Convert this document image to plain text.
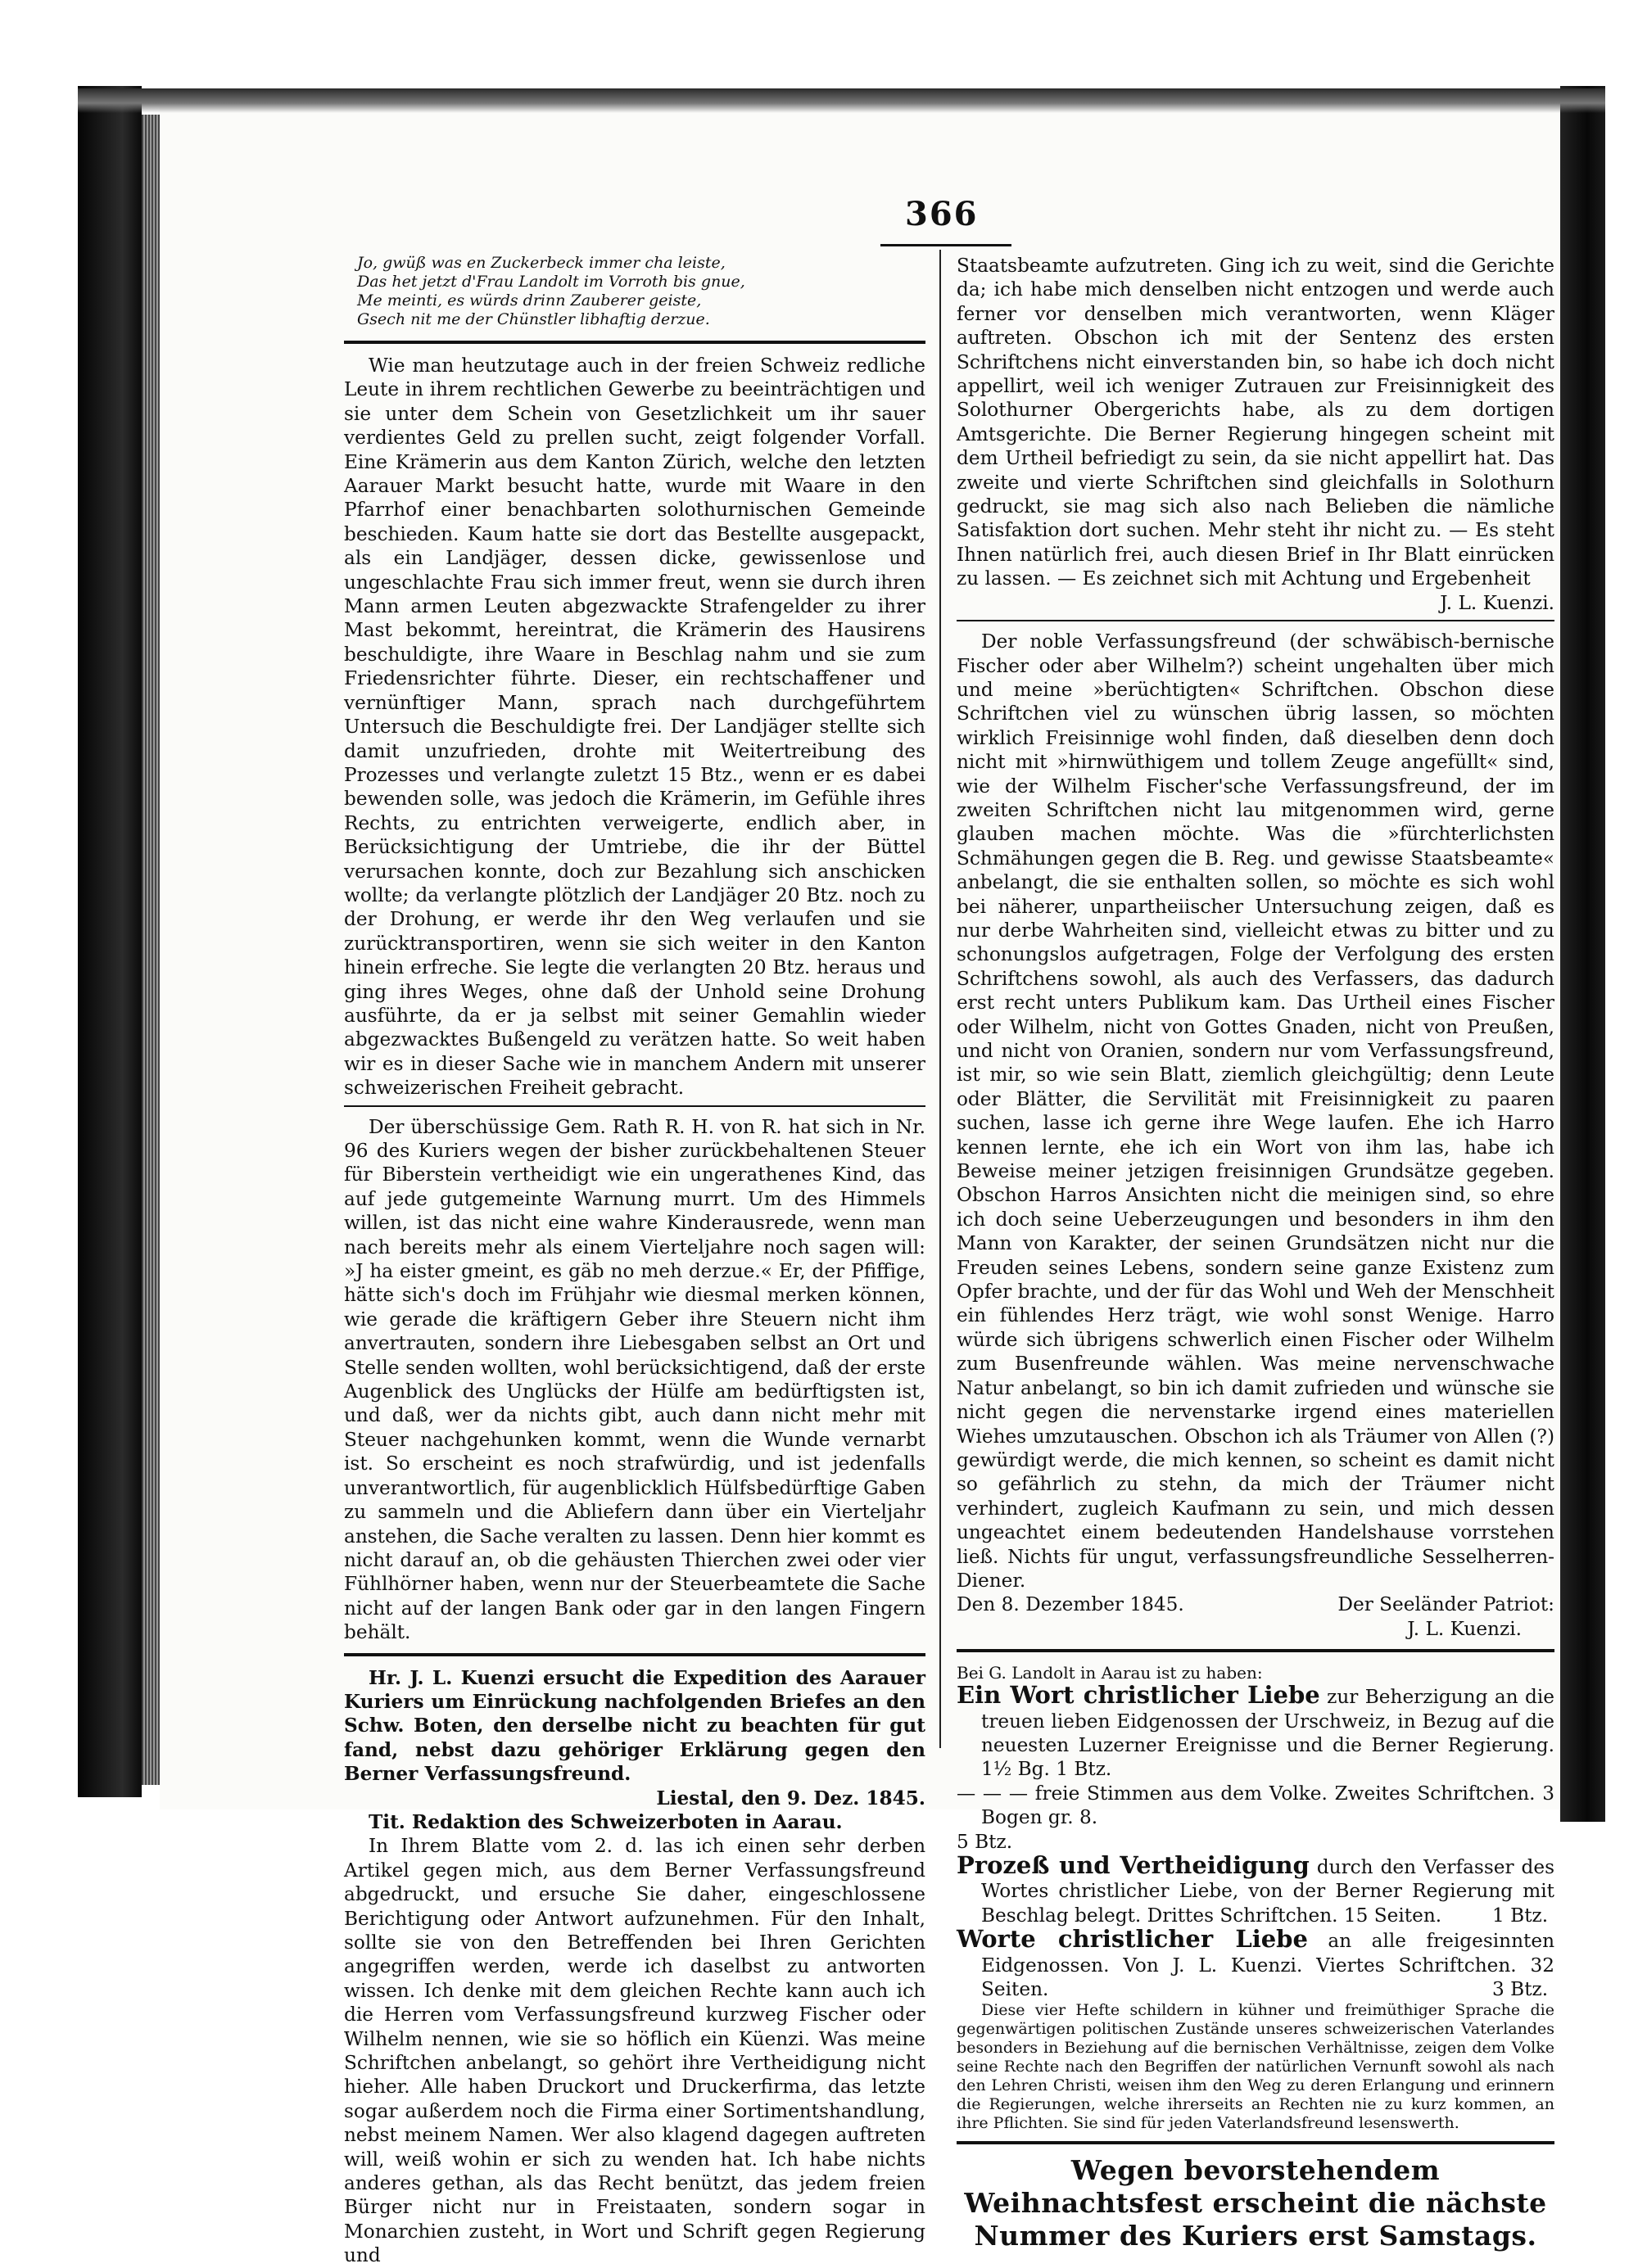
366
Jo, gwüß was en Zuckerbeck immer cha leiste,
Das het jetzt d'Frau Landolt im Vorroth bis gnue,
Me meinti, es würds drinn Zauberer geiste,
Gsech nit me der Chünstler libhaftig derzue.

Wie man heutzutage auch in der freien Schweiz redliche Leute in ihrem rechtlichen Gewerbe zu beeinträchtigen und sie unter dem Schein von Gesetzlichkeit um ihr sauer verdientes Geld zu prellen sucht, zeigt folgender Vorfall. Eine Krämerin aus dem Kanton Zürich, welche den letzten Aarauer Markt besucht hatte, wurde mit Waare in den Pfarrhof einer benachbarten solothurnischen Gemeinde beschieden. Kaum hatte sie dort das Bestellte ausgepackt, als ein Landjäger, dessen dicke, gewissenlose und ungeschlachte Frau sich immer freut, wenn sie durch ihren Mann armen Leuten abgezwackte Strafengelder zu ihrer Mast bekommt, hereintrat, die Krämerin des Hausirens beschuldigte, ihre Waare in Beschlag nahm und sie zum Friedensrichter führte. Dieser, ein rechtschaffener und vernünftiger Mann, sprach nach durchgeführtem Untersuch die Beschuldigte frei. Der Landjäger stellte sich damit unzufrieden, drohte mit Weitertreibung des Prozesses und verlangte zuletzt 15 Btz., wenn er es dabei bewenden solle, was jedoch die Krämerin, im Gefühle ihres Rechts, zu entrichten verweigerte, endlich aber, in Berücksichtigung der Umtriebe, die ihr der Büttel verursachen konnte, doch zur Bezahlung sich anschicken wollte; da verlangte plötzlich der Landjäger 20 Btz. noch zu der Drohung, er werde ihr den Weg verlaufen und sie zurücktransportiren, wenn sie sich weiter in den Kanton hinein erfreche. Sie legte die verlangten 20 Btz. heraus und ging ihres Weges, ohne daß der Unhold seine Drohung ausführte, da er ja selbst mit seiner Gemahlin wieder abgezwacktes Bußengeld zu verätzen hatte. So weit haben wir es in dieser Sache wie in manchem Andern mit unserer schweizerischen Freiheit gebracht.

Der überschüssige Gem. Rath R. H. von R. hat sich in Nr. 96 des Kuriers wegen der bisher zurückbehaltenen Steuer für Biberstein vertheidigt wie ein ungerathenes Kind, das auf jede gutgemeinte Warnung murrt. Um des Himmels willen, ist das nicht eine wahre Kinderausrede, wenn man nach bereits mehr als einem Vierteljahre noch sagen will: »J ha eister gmeint, es gäb no meh derzue.« Er, der Pfiffige, hätte sich's doch im Frühjahr wie diesmal merken können, wie gerade die kräftigern Geber ihre Steuern nicht ihm anvertrauten, sondern ihre Liebesgaben selbst an Ort und Stelle senden wollten, wohl berücksichtigend, daß der erste Augenblick des Unglücks der Hülfe am bedürftigsten ist, und daß, wer da nichts gibt, auch dann nicht mehr mit Steuer nachgehunken kommt, wenn die Wunde vernarbt ist. So erscheint es noch strafwürdig, und ist jedenfalls unverantwortlich, für augenblicklich Hülfsbedürftige Gaben zu sammeln und die Abliefern dann über ein Vierteljahr anstehen, die Sache veralten zu lassen. Denn hier kommt es nicht darauf an, ob die gehäusten Thierchen zwei oder vier Fühlhörner haben, wenn nur der Steuerbeamtete die Sache nicht auf der langen Bank oder gar in den langen Fingern behält.

Hr. J. L. Kuenzi ersucht die Expedition des Aarauer Kuriers um Einrückung nachfolgenden Briefes an den Schw. Boten, den derselbe nicht zu beachten für gut fand, nebst dazu gehöriger Erklärung gegen den Berner Verfassungsfreund.

Liestal, den 9. Dez. 1845.

Tit. Redaktion des Schweizerboten in Aarau.

In Ihrem Blatte vom 2. d. las ich einen sehr derben Artikel gegen mich, aus dem Berner Verfassungsfreund abgedruckt, und ersuche Sie daher, eingeschlossene Berichtigung oder Antwort aufzunehmen. Für den Inhalt, sollte sie von den Betreffenden bei Ihren Gerichten angegriffen werden, werde ich daselbst zu antworten wissen. Ich denke mit dem gleichen Rechte kann auch ich die Herren vom Verfassungsfreund kurzweg Fischer oder Wilhelm nennen, wie sie so höflich ein Küenzi. Was meine Schriftchen anbelangt, so gehört ihre Vertheidigung nicht hieher. Alle haben Druckort und Druckerfirma, das letzte sogar außerdem noch die Firma einer Sortimentshandlung, nebst meinem Namen. Wer also klagend dagegen auftreten will, weiß wohin er sich zu wenden hat. Ich habe nichts anderes gethan, als das Recht benützt, das jedem freien Bürger nicht nur in Freistaaten, sondern sogar in Monarchien zusteht, in Wort und Schrift gegen Regierung und

Staatsbeamte aufzutreten. Ging ich zu weit, sind die Gerichte da; ich habe mich denselben nicht entzogen und werde auch ferner vor denselben mich verantworten, wenn Kläger auftreten. Obschon ich mit der Sentenz des ersten Schriftchens nicht einverstanden bin, so habe ich doch nicht appellirt, weil ich weniger Zutrauen zur Freisinnigkeit des Solothurner Obergerichts habe, als zu dem dortigen Amtsgerichte. Die Berner Regierung hingegen scheint mit dem Urtheil befriedigt zu sein, da sie nicht appellirt hat. Das zweite und vierte Schriftchen sind gleichfalls in Solothurn gedruckt, sie mag sich also nach Belieben die nämliche Satisfaktion dort suchen. Mehr steht ihr nicht zu. — Es steht Ihnen natürlich frei, auch diesen Brief in Ihr Blatt einrücken zu lassen. — Es zeichnet sich mit Achtung und Ergebenheit

J. L. Kuenzi.

Der noble Verfassungsfreund (der schwäbisch-bernische Fischer oder aber Wilhelm?) scheint ungehalten über mich und meine »berüchtigten« Schriftchen. Obschon diese Schriftchen viel zu wünschen übrig lassen, so möchten wirklich Freisinnige wohl finden, daß dieselben denn doch nicht mit »hirnwüthigem und tollem Zeuge angefüllt« sind, wie der Wilhelm Fischer'sche Verfassungsfreund, der im zweiten Schriftchen nicht lau mitgenommen wird, gerne glauben machen möchte. Was die »fürchterlichsten Schmähungen gegen die B. Reg. und gewisse Staatsbeamte« anbelangt, die sie enthalten sollen, so möchte es sich wohl bei näherer, unpartheiischer Untersuchung zeigen, daß es nur derbe Wahrheiten sind, vielleicht etwas zu bitter und zu schonungslos aufgetragen, Folge der Verfolgung des ersten Schriftchens sowohl, als auch des Verfassers, das dadurch erst recht unters Publikum kam. Das Urtheil eines Fischer oder Wilhelm, nicht von Gottes Gnaden, nicht von Preußen, und nicht von Oranien, sondern nur vom Verfassungsfreund, ist mir, so wie sein Blatt, ziemlich gleichgültig; denn Leute oder Blätter, die Servilität mit Freisinnigkeit zu paaren suchen, lasse ich gerne ihre Wege laufen. Ehe ich Harro kennen lernte, ehe ich ein Wort von ihm las, habe ich Beweise meiner jetzigen freisinnigen Grundsätze gegeben. Obschon Harros Ansichten nicht die meinigen sind, so ehre ich doch seine Ueberzeugungen und besonders in ihm den Mann von Karakter, der seinen Grundsätzen nicht nur die Freuden seines Lebens, sondern seine ganze Existenz zum Opfer brachte, und der für das Wohl und Weh der Menschheit ein fühlendes Herz trägt, wie wohl sonst Wenige. Harro würde sich übrigens schwerlich einen Fischer oder Wilhelm zum Busenfreunde wählen. Was meine nervenschwache Natur anbelangt, so bin ich damit zufrieden und wünsche sie nicht gegen die nervenstarke irgend eines materiellen Wiehes umzutauschen. Obschon ich als Träumer von Allen (?) gewürdigt werde, die mich kennen, so scheint es damit nicht so gefährlich zu stehn, da mich der Träumer nicht verhindert, zugleich Kaufmann zu sein, und mich dessen ungeachtet einem bedeutenden Handelshause vorrstehen ließ. Nichts für ungut, verfassungsfreundliche Sesselherren-Diener.

Den 8. Dezember 1845.	Der Seeländer Patriot:

J. L. Kuenzi.

Bei G. Landolt in Aarau ist zu haben:

Ein Wort christlicher Liebe zur Beherzigung an die treuen lieben Eidgenossen der Urschweiz, in Bezug auf die neuesten Luzerner Ereignisse und die Berner Regierung. 1½ Bg. 1 Btz.

— — — freie Stimmen aus dem Volke. Zweites Schriftchen. 3 Bogen gr. 8.
5 Btz.

Prozeß und Vertheidigung durch den Verfasser des Wortes christlicher Liebe, von der Berner Regierung mit Beschlag belegt. Drittes Schriftchen. 15 Seiten.	1 Btz.

Worte christlicher Liebe an alle freigesinnten Eidgenossen. Von J. L. Kuenzi. Viertes Schriftchen. 32 Seiten.	3 Btz.

Diese vier Hefte schildern in kühner und freimüthiger Sprache die gegenwärtigen politischen Zustände unseres schweizerischen Vaterlandes besonders in Beziehung auf die bernischen Verhältnisse, zeigen dem Volke seine Rechte nach den Begriffen der natürlichen Vernunft sowohl als nach den Lehren Christi, weisen ihm den Weg zu deren Erlangung und erinnern die Regierungen, welche ihrerseits an Rechten nie zu kurz kommen, an ihre Pflichten. Sie sind für jeden Vaterlandsfreund lesenswerth.

Wegen bevorstehendem Weihnachtsfest erscheint die nächste Nummer des Kuriers erst Samstags.
